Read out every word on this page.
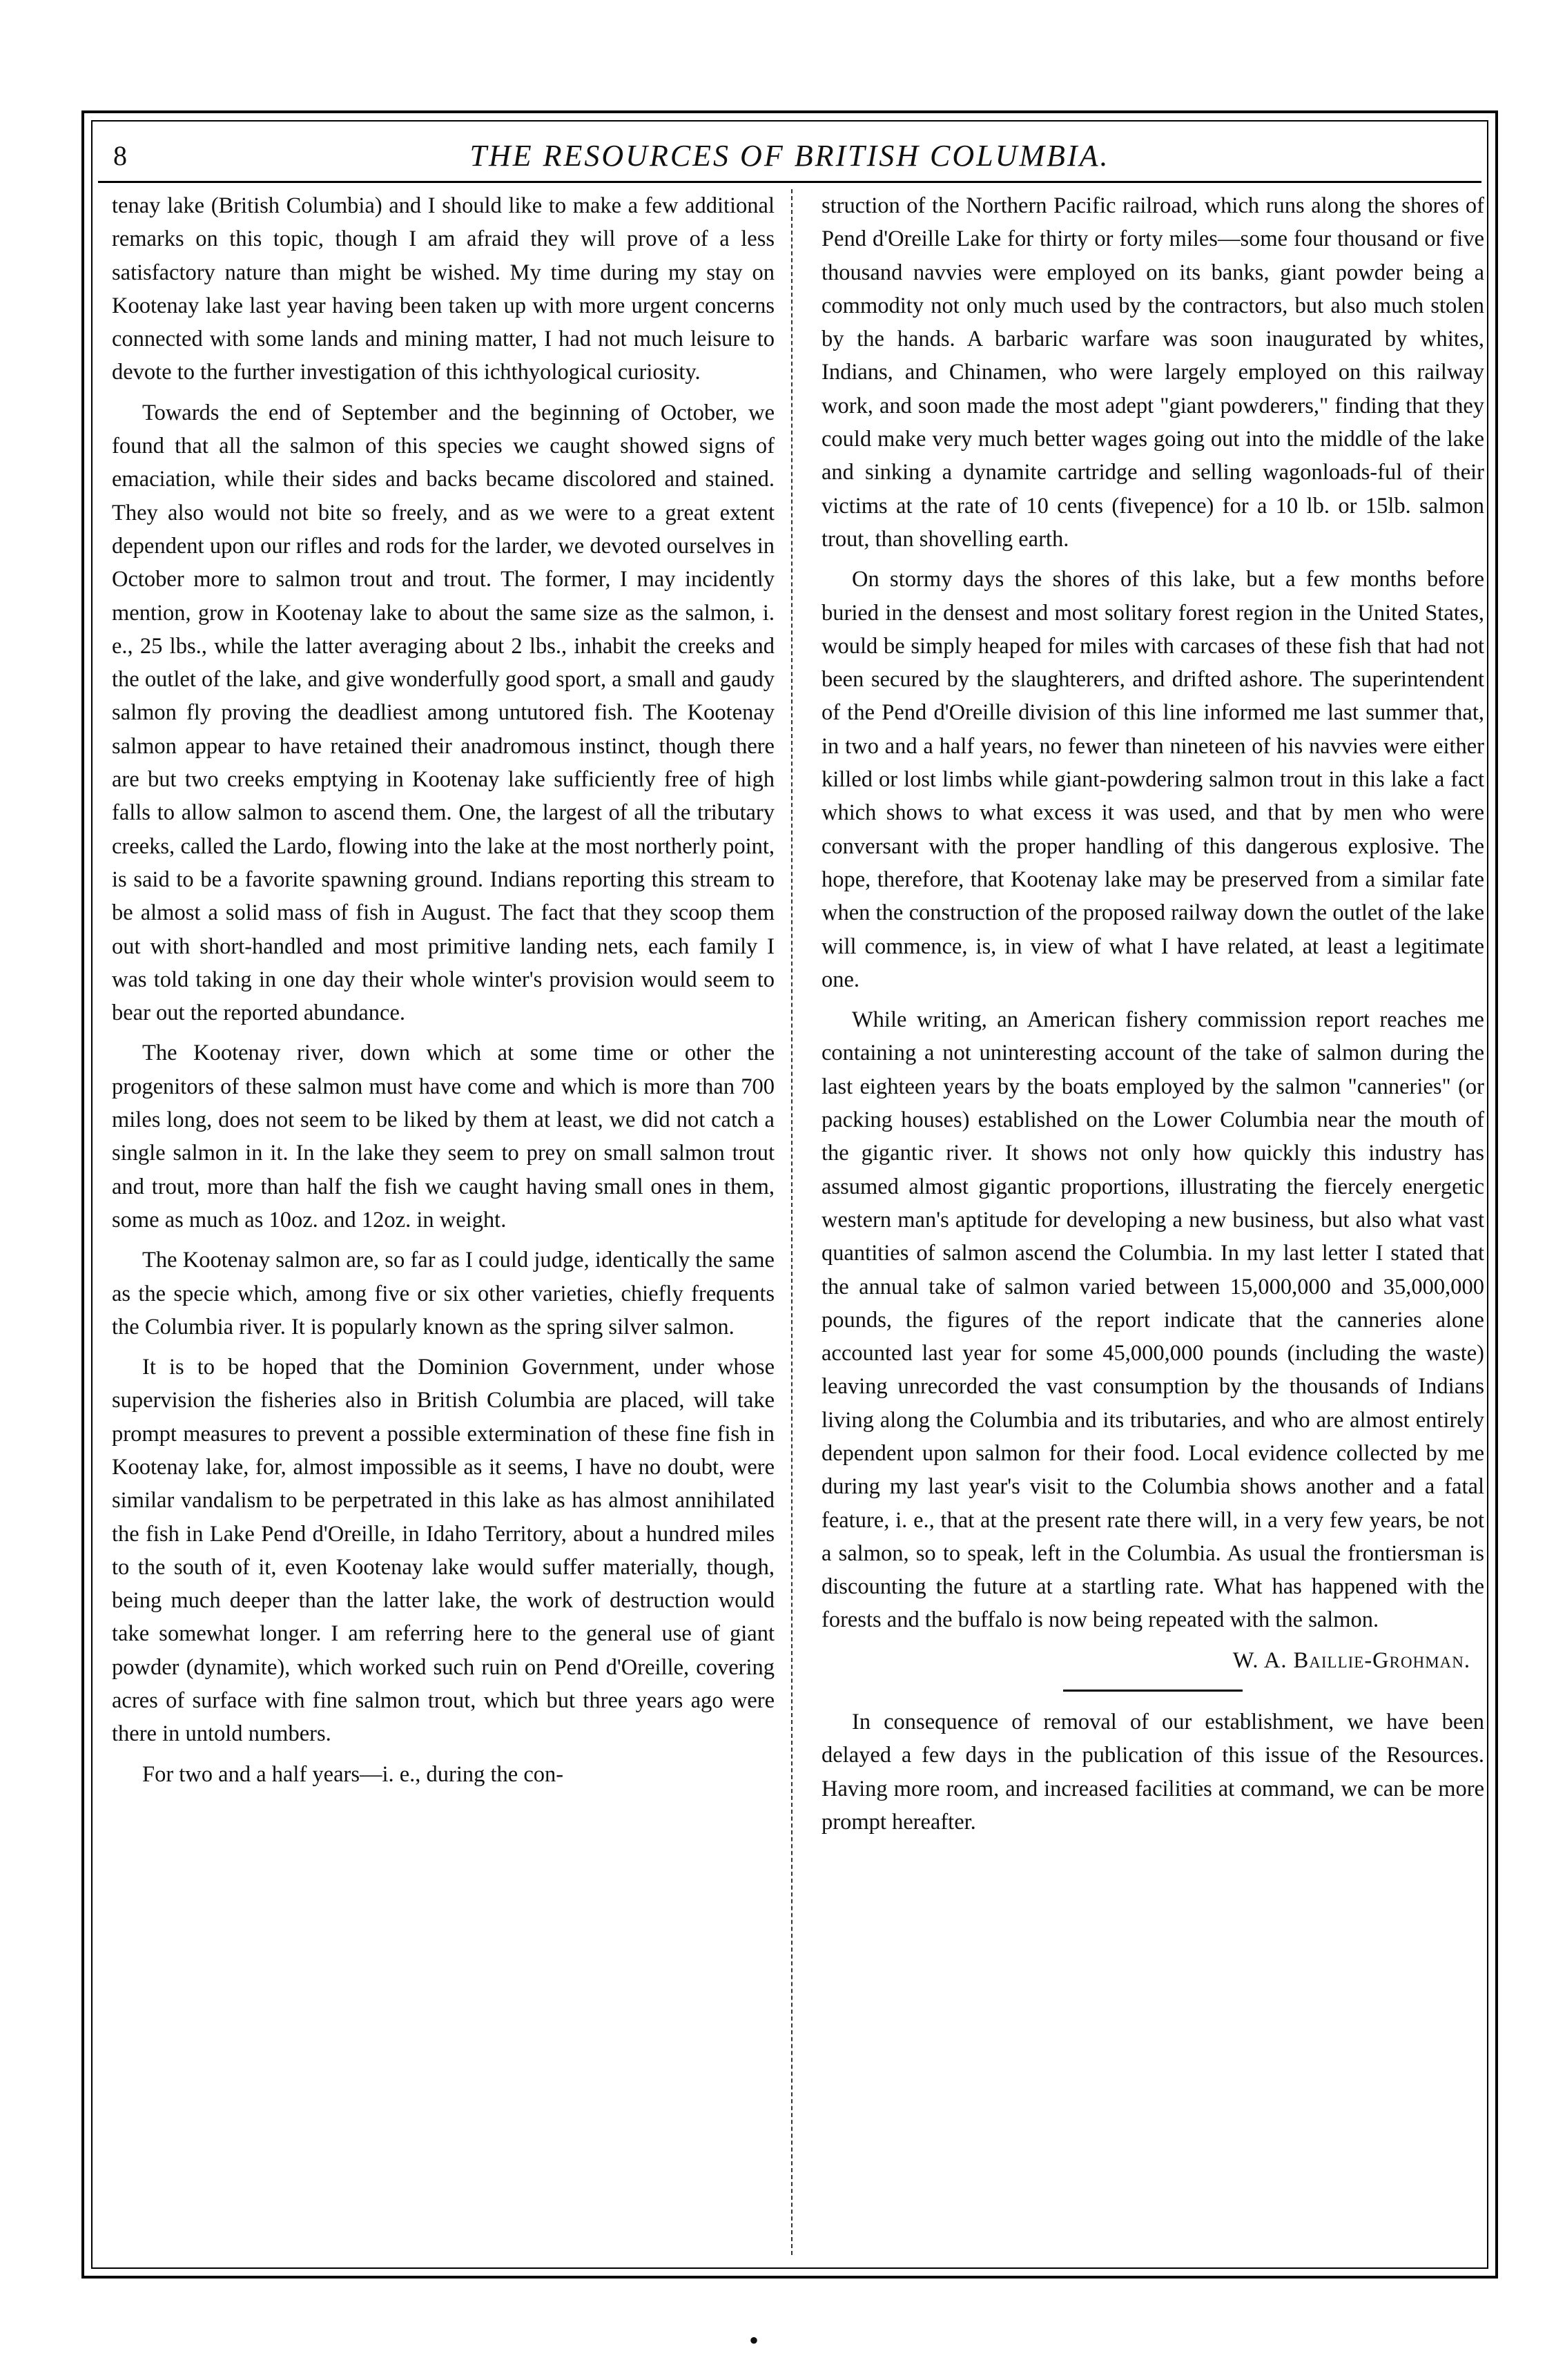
8	THE RESOURCES OF BRITISH COLUMBIA.

tenay lake (British Columbia) and I should like to make a few additional remarks on this topic, though I am afraid they will prove of a less satisfactory nature than might be wished. My time during my stay on Kootenay lake last year having been taken up with more urgent concerns connected with some lands and mining matter, I had not much leisure to devote to the further investigation of this ichthyological curiosity.

Towards the end of September and the beginning of October, we found that all the salmon of this species we caught showed signs of emaciation, while their sides and backs became discolored and stained. They also would not bite so freely, and as we were to a great extent dependent upon our rifles and rods for the larder, we devoted ourselves in October more to salmon trout and trout. The former, I may incidently mention, grow in Kootenay lake to about the same size as the salmon, i. e., 25 lbs., while the latter averaging about 2 lbs., inhabit the creeks and the outlet of the lake, and give wonderfully good sport, a small and gaudy salmon fly proving the deadliest among untutored fish. The Kootenay salmon appear to have retained their anadromous instinct, though there are but two creeks emptying in Kootenay lake sufficiently free of high falls to allow salmon to ascend them. One, the largest of all the tributary creeks, called the Lardo, flowing into the lake at the most northerly point, is said to be a favorite spawning ground. Indians reporting this stream to be almost a solid mass of fish in August. The fact that they scoop them out with short-handled and most primitive landing nets, each family I was told taking in one day their whole winter's provision would seem to bear out the reported abundance.

The Kootenay river, down which at some time or other the progenitors of these salmon must have come and which is more than 700 miles long, does not seem to be liked by them at least, we did not catch a single salmon in it. In the lake they seem to prey on small salmon trout and trout, more than half the fish we caught having small ones in them, some as much as 10oz. and 12oz. in weight.

The Kootenay salmon are, so far as I could judge, identically the same as the specie which, among five or six other varieties, chiefly frequents the Columbia river. It is popularly known as the spring silver salmon.

It is to be hoped that the Dominion Government, under whose supervision the fisheries also in British Columbia are placed, will take prompt measures to prevent a possible extermination of these fine fish in Kootenay lake, for, almost impossible as it seems, I have no doubt, were similar vandalism to be perpetrated in this lake as has almost annihilated the fish in Lake Pend d'Oreille, in Idaho Territory, about a hundred miles to the south of it, even Kootenay lake would suffer materially, though, being much deeper than the latter lake, the work of destruction would take somewhat longer. I am referring here to the general use of giant powder (dynamite), which worked such ruin on Pend d'Oreille, covering acres of surface with fine salmon trout, which but three years ago were there in untold numbers.

For two and a half years—i. e., during the con-

struction of the Northern Pacific railroad, which runs along the shores of Pend d'Oreille Lake for thirty or forty miles—some four thousand or five thousand navvies were employed on its banks, giant powder being a commodity not only much used by the contractors, but also much stolen by the hands. A barbaric warfare was soon inaugurated by whites, Indians, and Chinamen, who were largely employed on this railway work, and soon made the most adept "giant powderers," finding that they could make very much better wages going out into the middle of the lake and sinking a dynamite cartridge and selling wagonloads-ful of their victims at the rate of 10 cents (fivepence) for a 10 lb. or 15lb. salmon trout, than shovelling earth.

On stormy days the shores of this lake, but a few months before buried in the densest and most solitary forest region in the United States, would be simply heaped for miles with carcases of these fish that had not been secured by the slaughterers, and drifted ashore. The superintendent of the Pend d'Oreille division of this line informed me last summer that, in two and a half years, no fewer than nineteen of his navvies were either killed or lost limbs while giant-powdering salmon trout in this lake a fact which shows to what excess it was used, and that by men who were conversant with the proper handling of this dangerous explosive. The hope, therefore, that Kootenay lake may be preserved from a similar fate when the construction of the proposed railway down the outlet of the lake will commence, is, in view of what I have related, at least a legitimate one.

While writing, an American fishery commission report reaches me containing a not uninteresting account of the take of salmon during the last eighteen years by the boats employed by the salmon "canneries" (or packing houses) established on the Lower Columbia near the mouth of the gigantic river. It shows not only how quickly this industry has assumed almost gigantic proportions, illustrating the fiercely energetic western man's aptitude for developing a new business, but also what vast quantities of salmon ascend the Columbia. In my last letter I stated that the annual take of salmon varied between 15,000,000 and 35,000,000 pounds, the figures of the report indicate that the canneries alone accounted last year for some 45,000,000 pounds (including the waste) leaving unrecorded the vast consumption by the thousands of Indians living along the Columbia and its tributaries, and who are almost entirely dependent upon salmon for their food. Local evidence collected by me during my last year's visit to the Columbia shows another and a fatal feature, i. e., that at the present rate there will, in a very few years, be not a salmon, so to speak, left in the Columbia. As usual the frontiersman is discounting the future at a startling rate. What has happened with the forests and the buffalo is now being repeated with the salmon.

W. A. Baillie-Grohman.

In consequence of removal of our establishment, we have been delayed a few days in the publication of this issue of the Resources. Having more room, and increased facilities at command, we can be more prompt hereafter.

•
